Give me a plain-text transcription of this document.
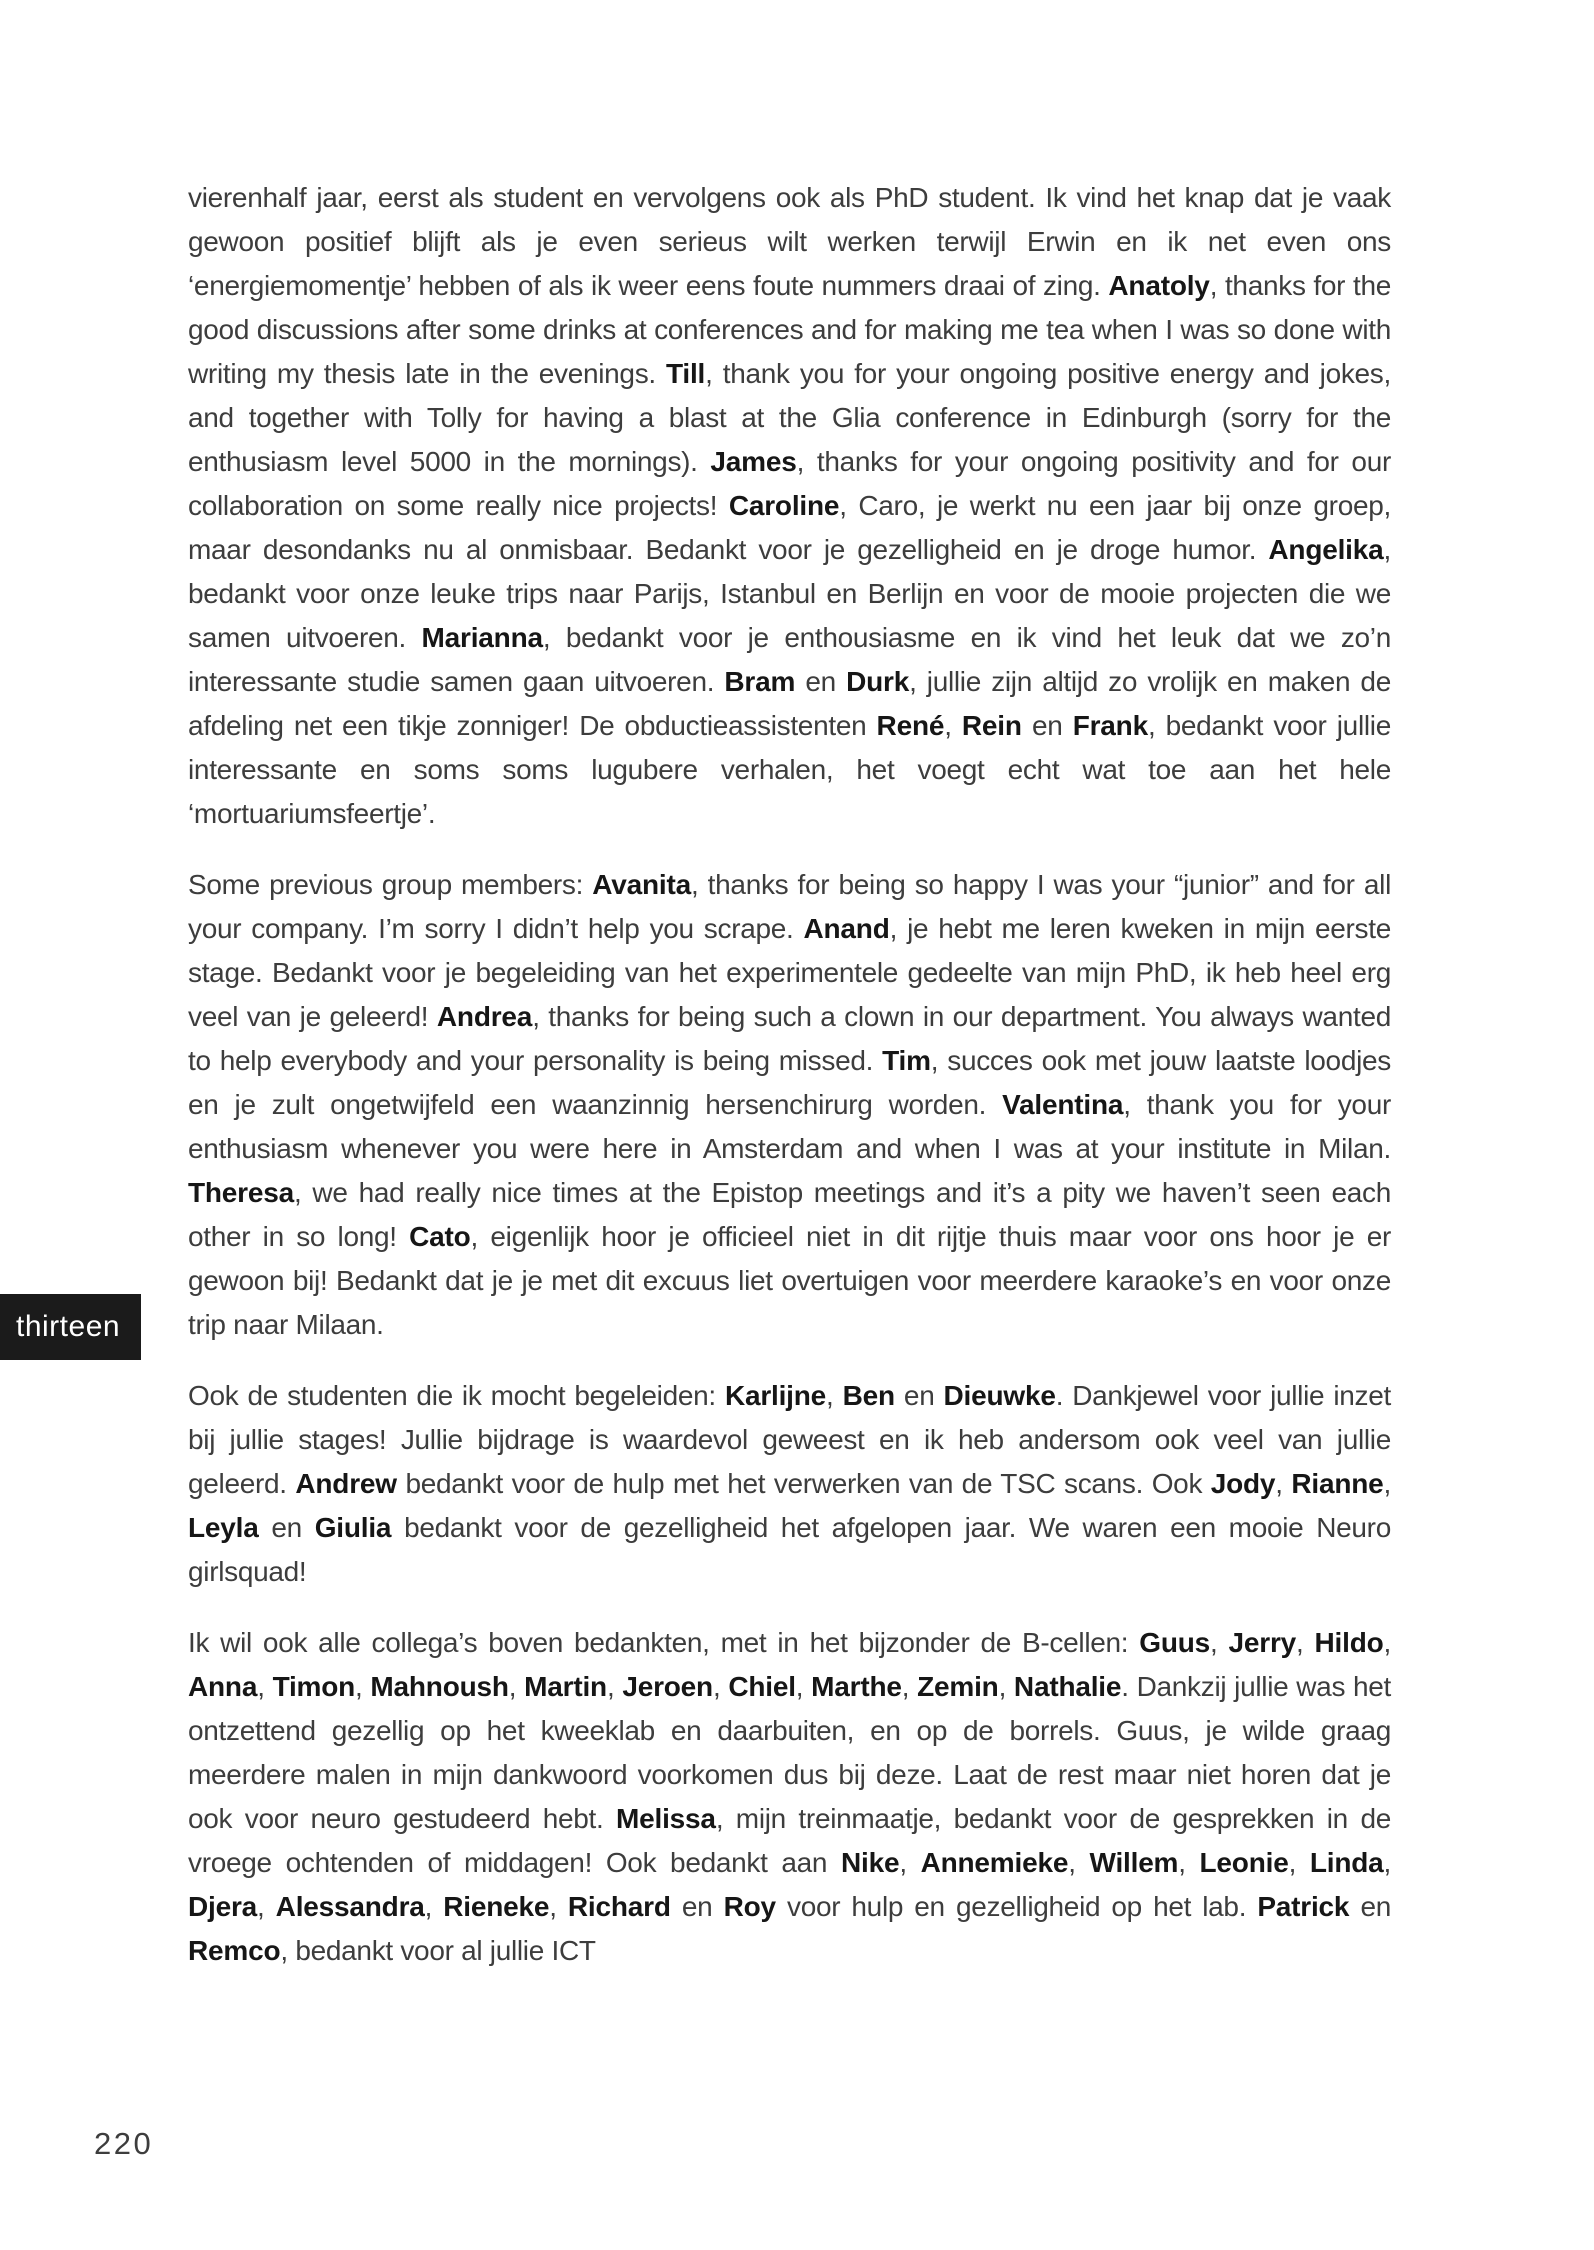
thirteen

vierenhalf jaar, eerst als student en vervolgens ook als PhD student. Ik vind het knap dat je vaak gewoon positief blijft als je even serieus wilt werken terwijl Erwin en ik net even ons ‘energiemomentje’ hebben of als ik weer eens foute nummers draai of zing. Anatoly, thanks for the good discussions after some drinks at conferences and for making me tea when I was so done with writing my thesis late in the evenings. Till, thank you for your ongoing positive energy and jokes, and together with Tolly for having a blast at the Glia conference in Edinburgh (sorry for the enthusiasm level 5000 in the mornings). James, thanks for your ongoing positivity and for our collaboration on some really nice projects! Caroline, Caro, je werkt nu een jaar bij onze groep, maar desondanks nu al onmisbaar. Bedankt voor je gezelligheid en je droge humor. Angelika, bedankt voor onze leuke trips naar Parijs, Istanbul en Berlijn en voor de mooie projecten die we samen uitvoeren. Marianna, bedankt voor je enthousiasme en ik vind het leuk dat we zo’n interessante studie samen gaan uitvoeren. Bram en Durk, jullie zijn altijd zo vrolijk en maken de afdeling net een tikje zonniger! De obductieassistenten René, Rein en Frank, bedankt voor jullie interessante en soms soms lugubere verhalen, het voegt echt wat toe aan het hele ‘mortuariumsfeertje’.

Some previous group members: Avanita, thanks for being so happy I was your “junior” and for all your company. I’m sorry I didn’t help you scrape. Anand, je hebt me leren kweken in mijn eerste stage. Bedankt voor je begeleiding van het experimentele gedeelte van mijn PhD, ik heb heel erg veel van je geleerd! Andrea, thanks for being such a clown in our department. You always wanted to help everybody and your personality is being missed. Tim, succes ook met jouw laatste loodjes en je zult ongetwijfeld een waanzinnig hersenchirurg worden. Valentina, thank you for your enthusiasm whenever you were here in Amsterdam and when I was at your institute in Milan. Theresa, we had really nice times at the Epistop meetings and it’s a pity we haven’t seen each other in so long! Cato, eigenlijk hoor je officieel niet in dit rijtje thuis maar voor ons hoor je er gewoon bij! Bedankt dat je je met dit excuus liet overtuigen voor meerdere karaoke’s en voor onze trip naar Milaan.

Ook de studenten die ik mocht begeleiden: Karlijne, Ben en Dieuwke. Dankjewel voor jullie inzet bij jullie stages! Jullie bijdrage is waardevol geweest en ik heb andersom ook veel van jullie geleerd. Andrew bedankt voor de hulp met het verwerken van de TSC scans. Ook Jody, Rianne, Leyla en Giulia bedankt voor de gezelligheid het afgelopen jaar. We waren een mooie Neuro girlsquad!

Ik wil ook alle collega’s boven bedankten, met in het bijzonder de B-cellen: Guus, Jerry, Hildo, Anna, Timon, Mahnoush, Martin, Jeroen, Chiel, Marthe, Zemin, Nathalie. Dankzij jullie was het ontzettend gezellig op het kweeklab en daarbuiten, en op de borrels. Guus, je wilde graag meerdere malen in mijn dankwoord voorkomen dus bij deze. Laat de rest maar niet horen dat je ook voor neuro gestudeerd hebt. Melissa, mijn treinmaatje, bedankt voor de gesprekken in de vroege ochtenden of middagen! Ook bedankt aan Nike, Annemieke, Willem, Leonie, Linda, Djera, Alessandra, Rieneke, Richard en Roy voor hulp en gezelligheid op het lab. Patrick en Remco, bedankt voor al jullie ICT

220
